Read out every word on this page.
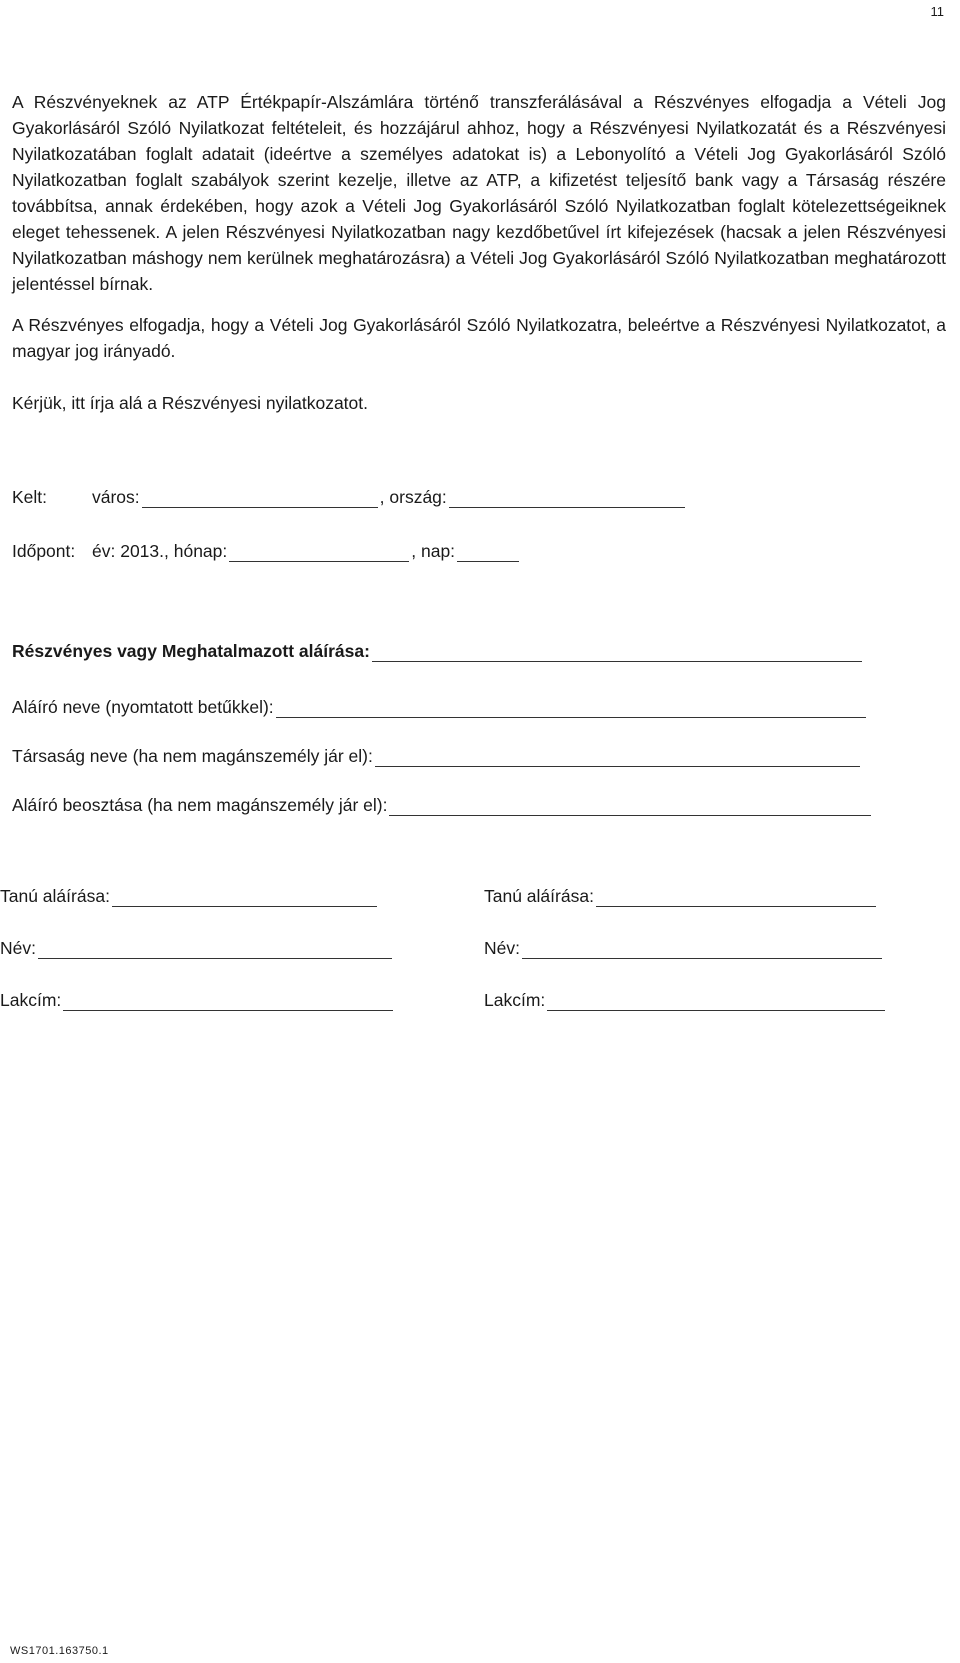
11

A Részvényeknek az ATP Értékpapír-Alszámlára történő transzferálásával a Részvényes elfogadja a Vételi Jog Gyakorlásáról Szóló Nyilatkozat feltételeit, és hozzájárul ahhoz, hogy a Részvényesi Nyilatkozatát és a Részvényesi Nyilatkozatában foglalt adatait (ideértve a személyes adatokat is) a Lebonyolító a Vételi Jog Gyakorlásáról Szóló Nyilatkozatban foglalt szabályok szerint kezelje, illetve az ATP, a kifizetést teljesítő bank vagy a Társaság részére továbbítsa, annak érdekében, hogy azok a Vételi Jog Gyakorlásáról Szóló Nyilatkozatban foglalt kötelezettségeiknek eleget tehessenek. A jelen Részvényesi Nyilatkozatban nagy kezdőbetűvel írt kifejezések (hacsak a jelen Részvényesi Nyilatkozatban máshogy nem kerülnek meghatározásra) a Vételi Jog Gyakorlásáról Szóló Nyilatkozatban meghatározott jelentéssel bírnak.

A Részvényes elfogadja, hogy a Vételi Jog Gyakorlásáról Szóló Nyilatkozatra, beleértve a Részvényesi Nyilatkozatot, a magyar jog irányadó.

Kérjük, itt írja alá a Részvényesi nyilatkozatot.

Kelt:	város:	, ország:
Időpont: év: 2013., hónap:	, nap:
Részvényes vagy Meghatalmazott aláírása:
Aláíró neve (nyomtatott betűkkel):
Társaság neve (ha nem magánszemély jár el):
Aláíró beosztása (ha nem magánszemély jár el):
Tanú aláírása:
Név:
Lakcím:
Tanú aláírása:
Név:
Lakcím:
WS1701.163750.1
